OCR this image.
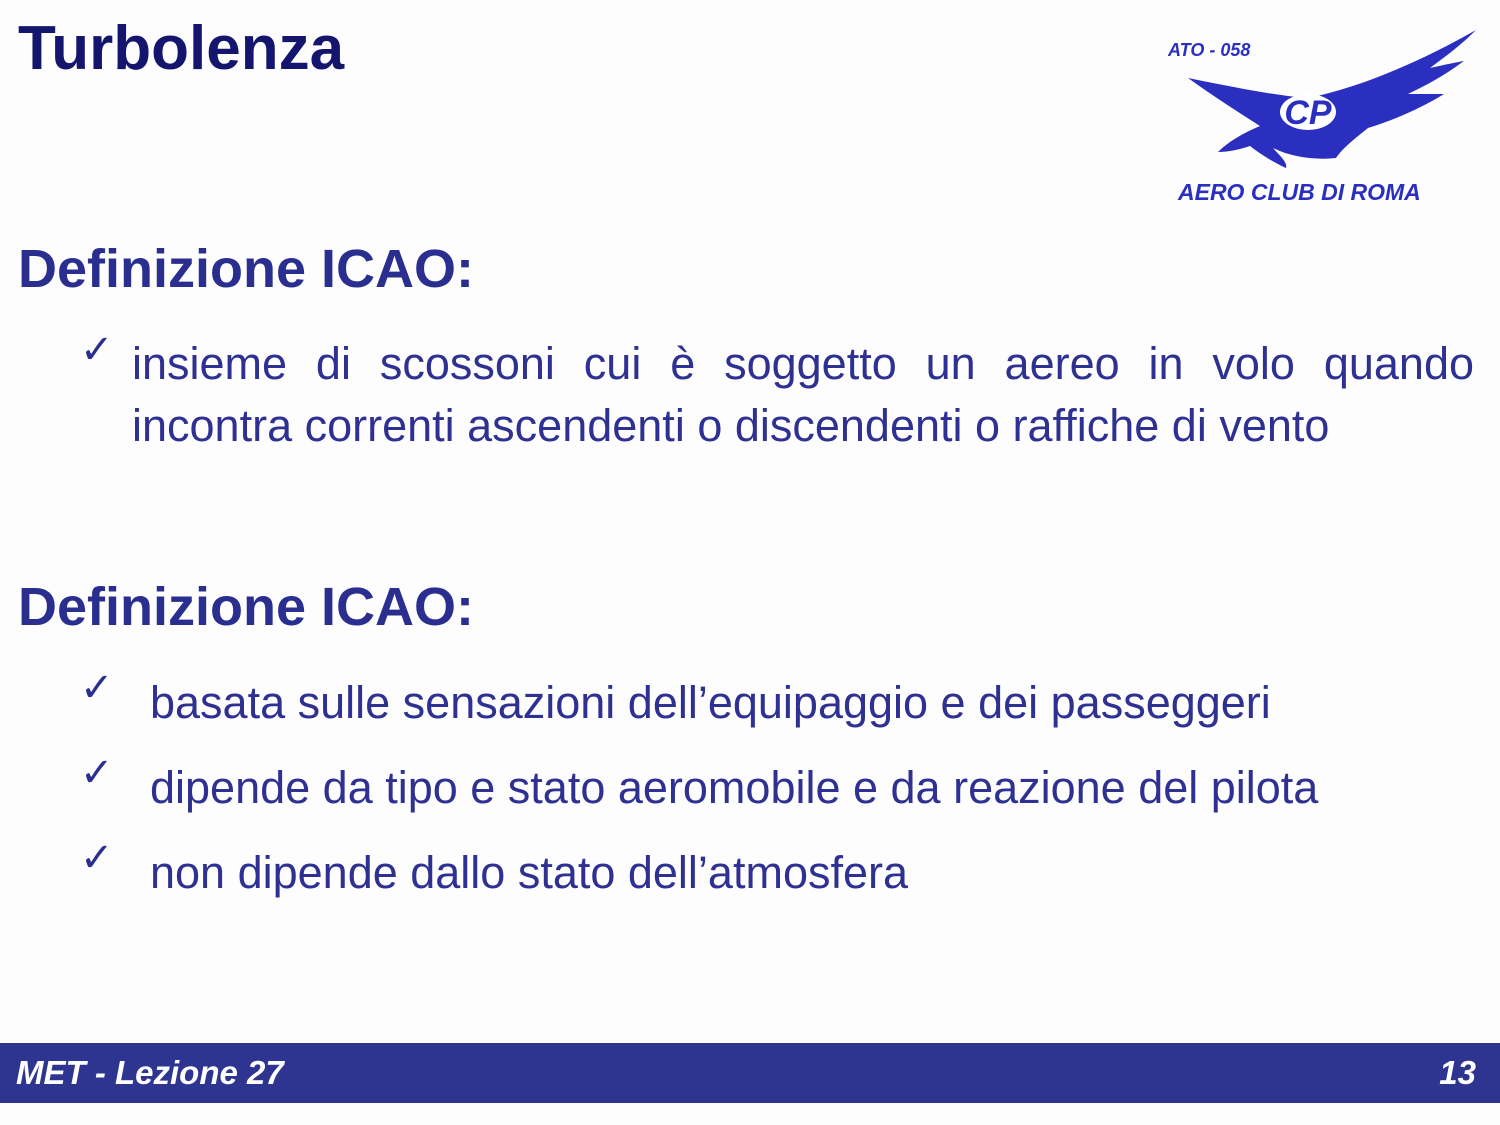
Turbolenza
CP
ATO - 058
AERO CLUB DI ROMA
Definizione ICAO:
✓ insieme di scossoni cui è soggetto un aereo in volo quando incontra correnti ascendenti o discendenti o raffiche di vento
Definizione ICAO:
✓ basata sulle sensazioni dell’equipaggio e dei passeggeri
✓ dipende da tipo e stato aeromobile e da reazione del pilota
✓ non dipende dallo stato dell’atmosfera
MET - Lezione 27	13
